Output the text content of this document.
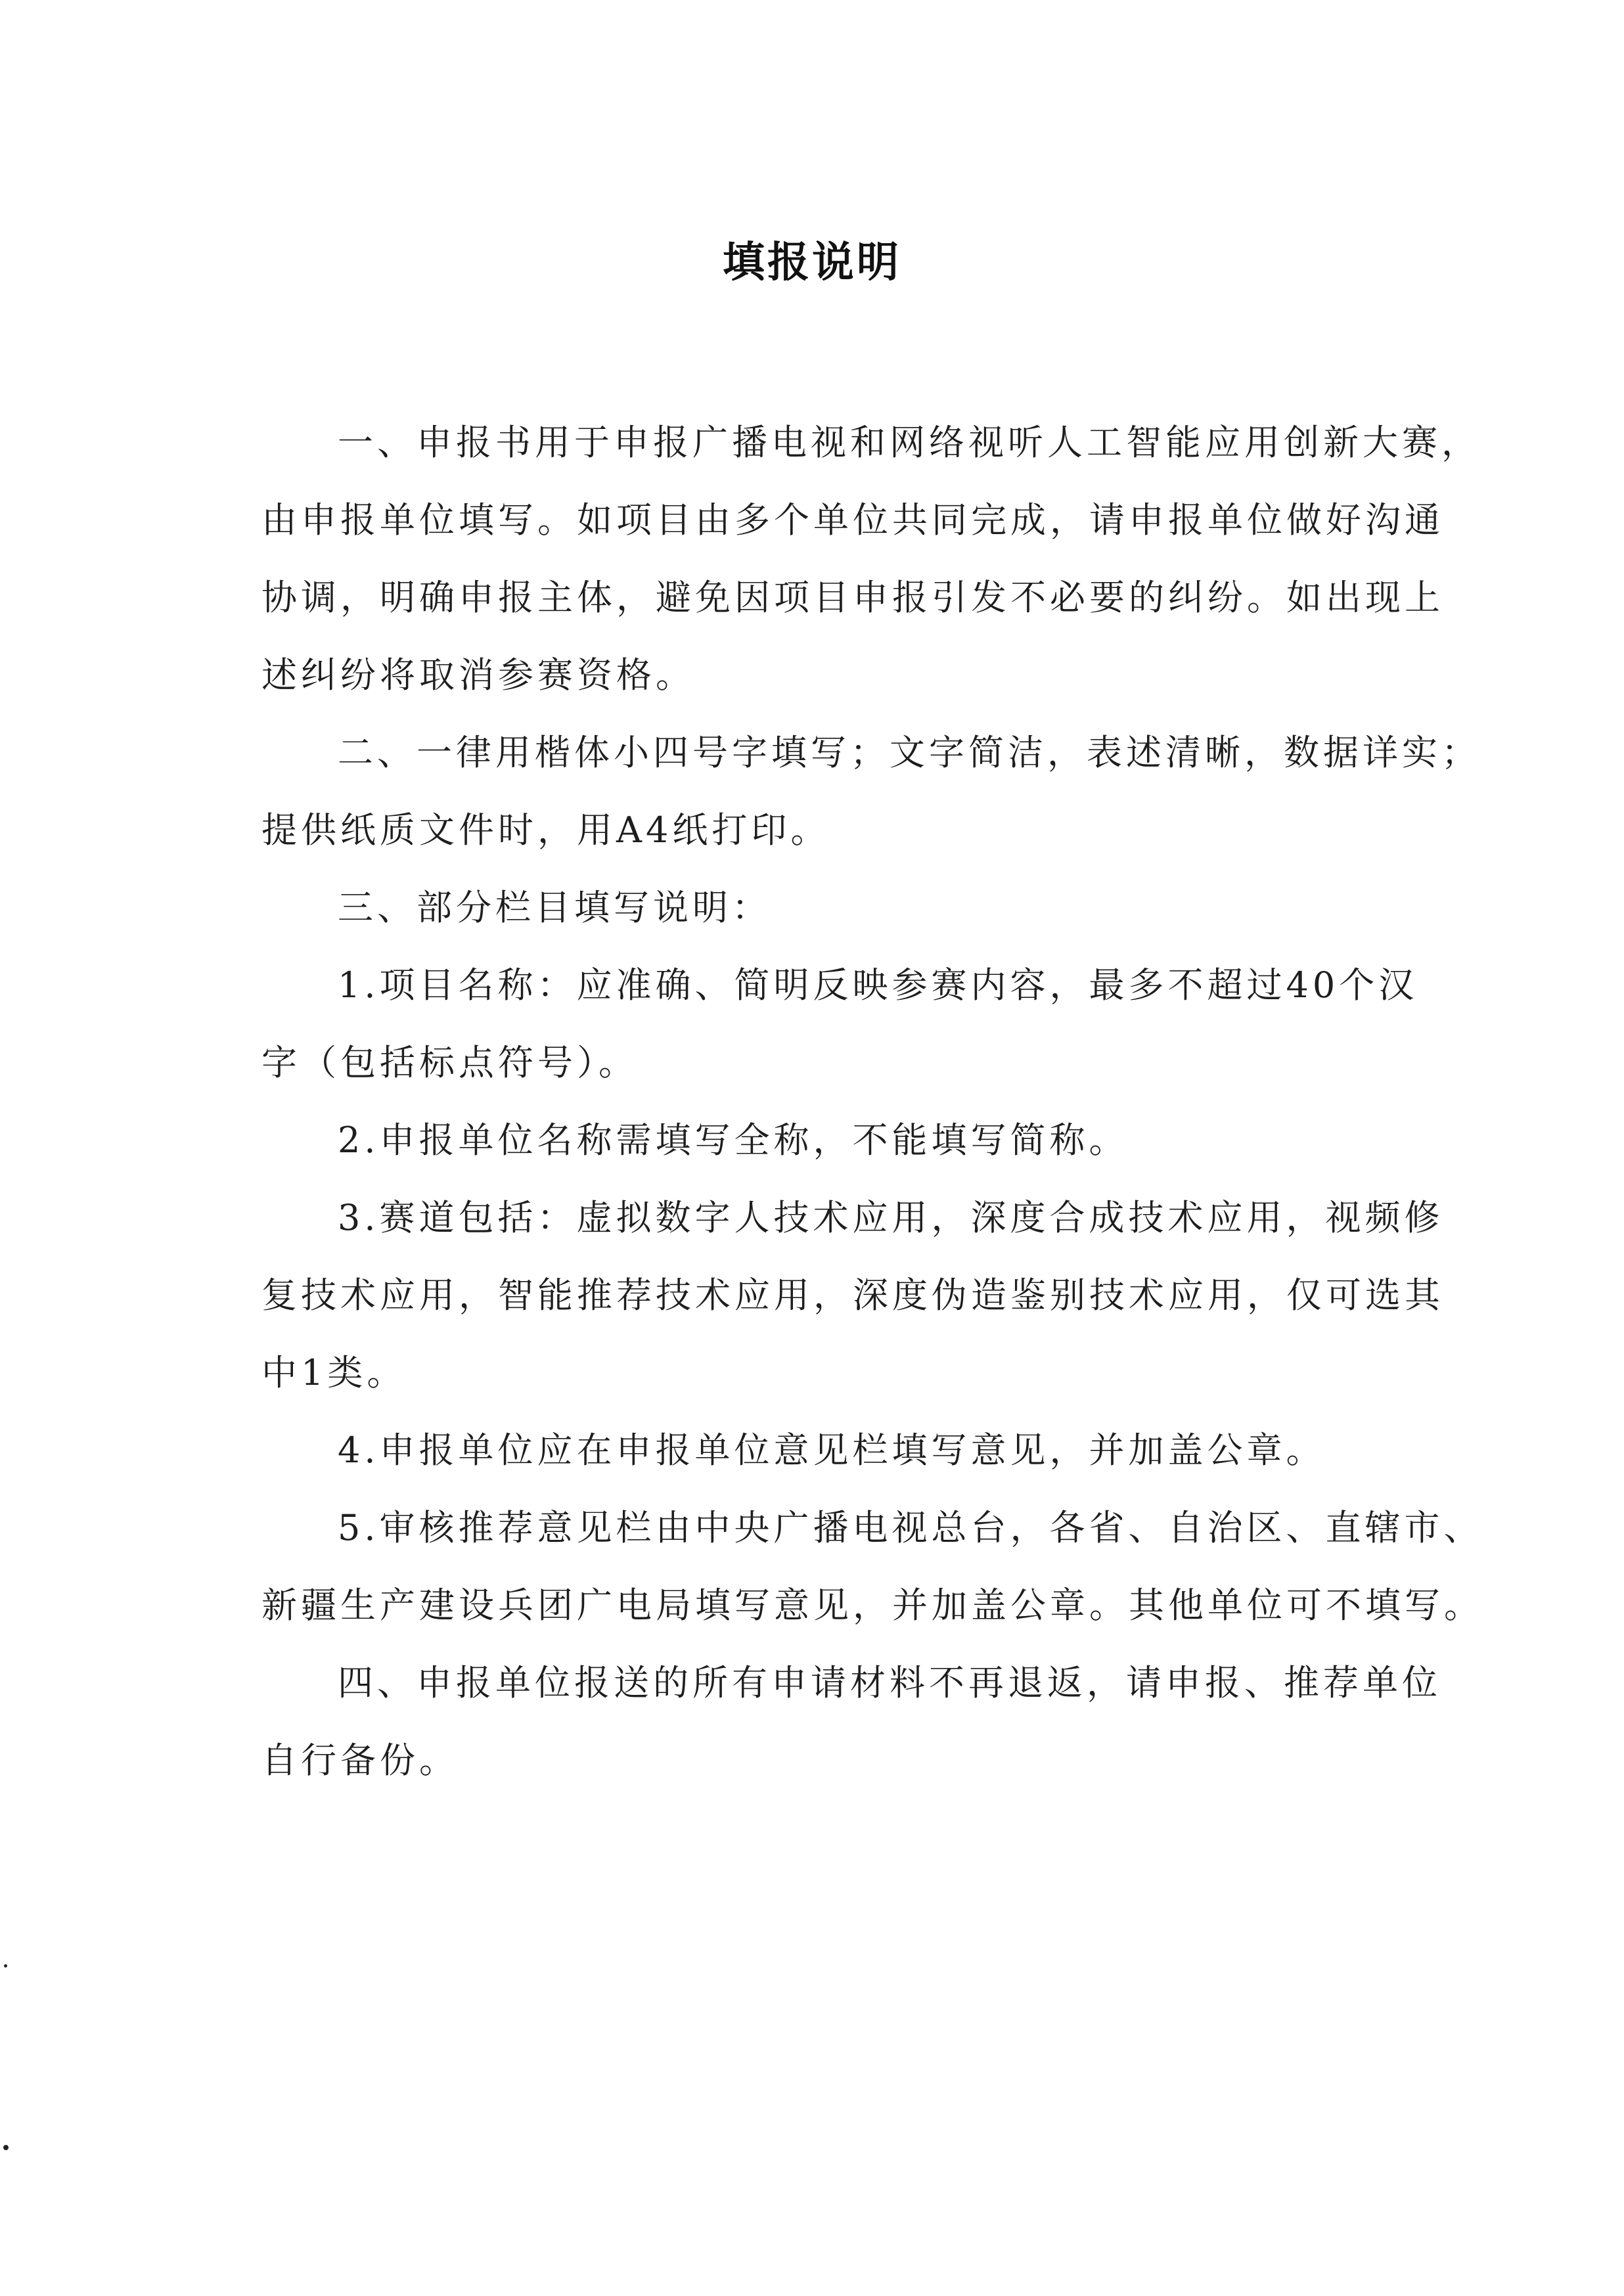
填报说明
一、申报书用于申报广播电视和网络视听人工智能应用创新大赛，
由申报单位填写。如项目由多个单位共同完成，请申报单位做好沟通
协调，明确申报主体，避免因项目申报引发不必要的纠纷。如出现上
述纠纷将取消参赛资格。
二、一律用楷体小四号字填写；文字简洁，表述清晰，数据详实；
提供纸质文件时，用A4纸打印。
三、部分栏目填写说明：
1.项目名称：应准确、简明反映参赛内容，最多不超过40个汉
字（包括标点符号）。
2.申报单位名称需填写全称，不能填写简称。
3.赛道包括：虚拟数字人技术应用，深度合成技术应用，视频修
复技术应用，智能推荐技术应用，深度伪造鉴别技术应用，仅可选其
中1类。
4.申报单位应在申报单位意见栏填写意见，并加盖公章。
5.审核推荐意见栏由中央广播电视总台，各省、自治区、直辖市、
新疆生产建设兵团广电局填写意见，并加盖公章。其他单位可不填写。
四、申报单位报送的所有申请材料不再退返，请申报、推荐单位
自行备份。
